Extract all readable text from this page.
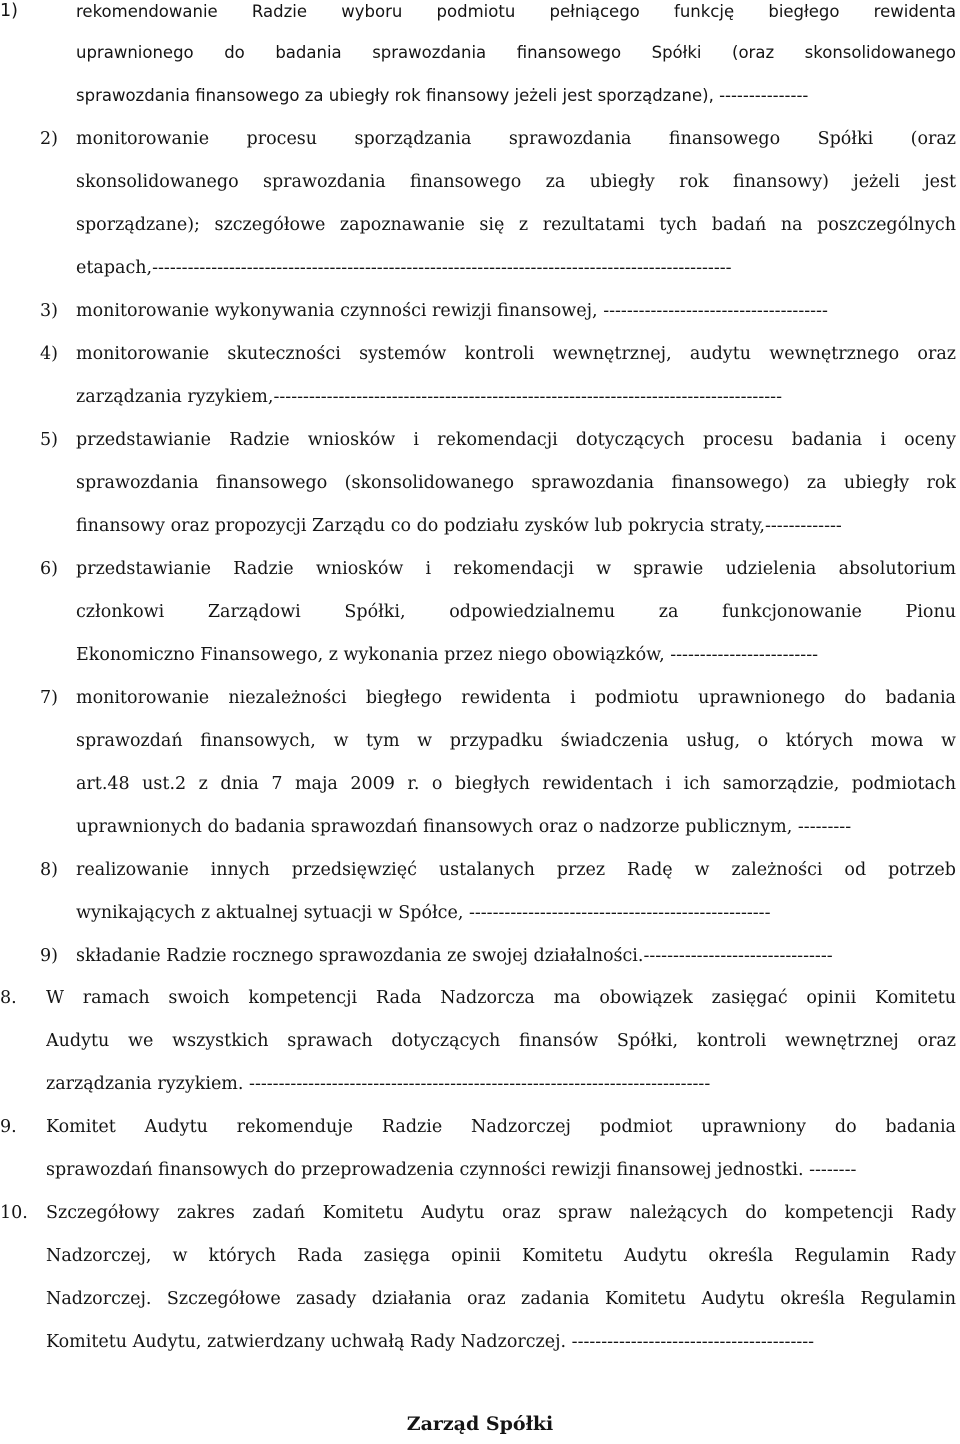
1)	rekomendowanie Radzie wyboru podmiotu pełniącego funkcję biegłego rewidenta
uprawnionego do badania sprawozdania finansowego Spółki (oraz skonsolidowanego
sprawozdania finansowego za ubiegły rok finansowy jeżeli jest sporządzane), ---------------
2) monitorowanie procesu sporządzania sprawozdania finansowego Spółki (oraz
skonsolidowanego sprawozdania finansowego za ubiegły rok finansowy) jeżeli jest
sporządzane); szczegółowe zapoznawanie się z rezultatami tych badań na poszczególnych
etapach,--------------------------------------------------------------------------------------------------
3) monitorowanie wykonywania czynności rewizji finansowej, --------------------------------------
4) monitorowanie skuteczności systemów kontroli wewnętrznej, audytu wewnętrznego oraz
zarządzania ryzykiem,--------------------------------------------------------------------------------------
5) przedstawianie Radzie wniosków i rekomendacji dotyczących procesu badania i oceny
sprawozdania finansowego (skonsolidowanego sprawozdania finansowego) za ubiegły rok
finansowy oraz propozycji Zarządu co do podziału zysków lub pokrycia straty,-------------
6) przedstawianie Radzie wniosków i rekomendacji w sprawie udzielenia absolutorium
członkowi Zarządowi Spółki, odpowiedzialnemu za funkcjonowanie Pionu
Ekonomiczno Finansowego, z wykonania przez niego obowiązków, -------------------------
7) monitorowanie niezależności biegłego rewidenta i podmiotu uprawnionego do badania
sprawozdań finansowych, w tym w przypadku świadczenia usług, o których mowa w
art.48 ust.2 z dnia 7 maja 2009 r. o biegłych rewidentach i ich samorządzie, podmiotach
uprawnionych do badania sprawozdań finansowych oraz o nadzorze publicznym, ---------
8) realizowanie innych przedsięwzięć ustalanych przez Radę w zależności od potrzeb
wynikających z aktualnej sytuacji w Spółce, ---------------------------------------------------
9) składanie Radzie rocznego sprawozdania ze swojej działalności.--------------------------------
8. W ramach swoich kompetencji Rada Nadzorcza ma obowiązek zasięgać opinii Komitetu
Audytu we wszystkich sprawach dotyczących finansów Spółki, kontroli wewnętrznej oraz
zarządzania ryzykiem. ------------------------------------------------------------------------------
9. Komitet Audytu rekomenduje Radzie Nadzorczej podmiot uprawniony do badania
sprawozdań finansowych do przeprowadzenia czynności rewizji finansowej jednostki. --------
10. Szczegółowy zakres zadań Komitetu Audytu oraz spraw należących do kompetencji Rady
Nadzorczej, w których Rada zasięga opinii Komitetu Audytu określa Regulamin Rady
Nadzorczej. Szczegółowe zasady działania oraz zadania Komitetu Audytu określa Regulamin
Komitetu Audytu, zatwierdzany uchwałą Rady Nadzorczej. -----------------------------------------
Zarząd Spółki
